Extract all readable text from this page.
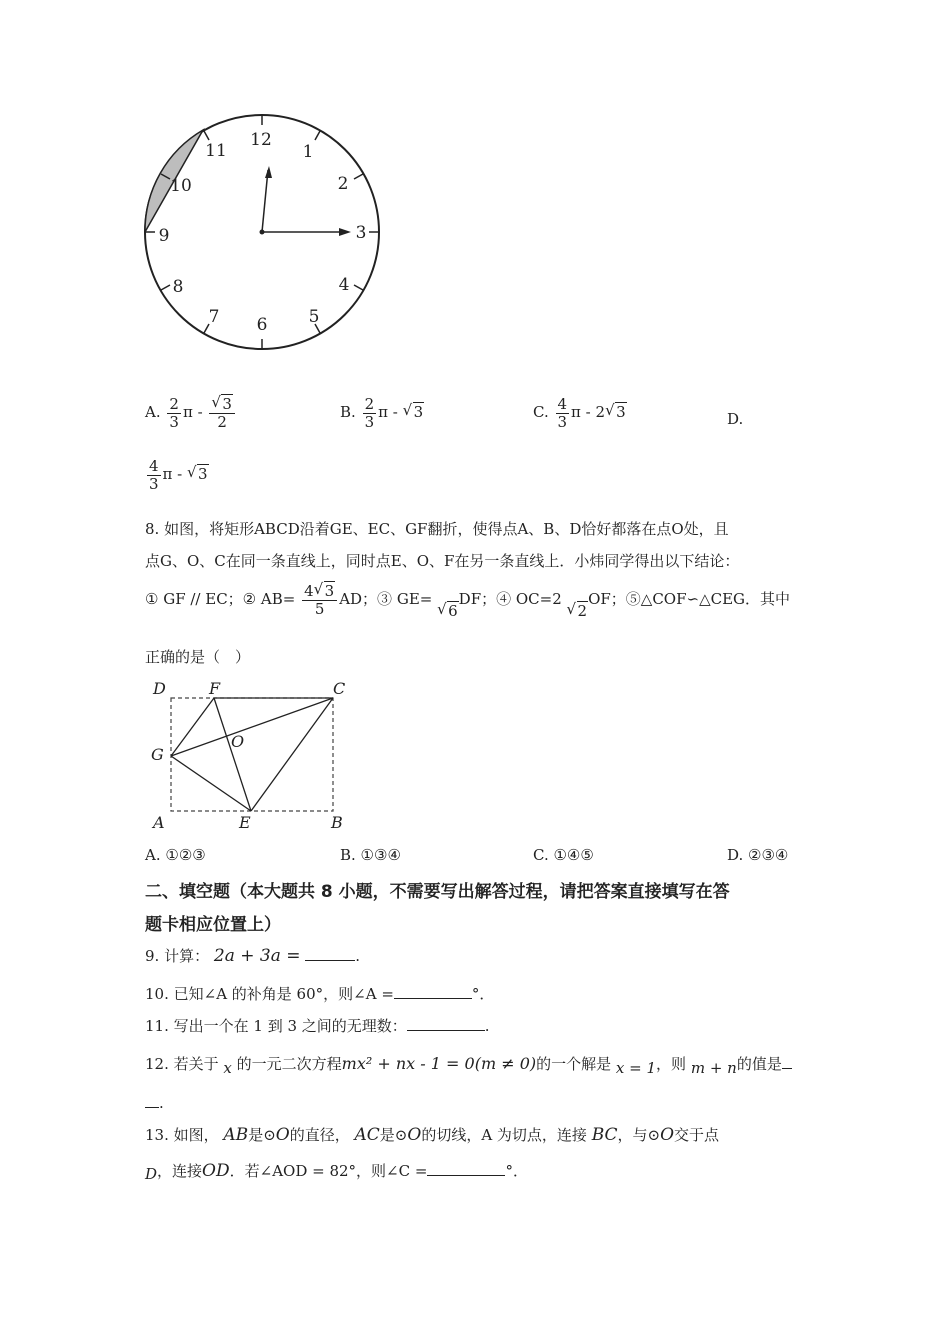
12
1
2
3
4
5
6
7
8
9
10
11
A. $\frac{2}{3}$ π - √ $\frac{3}{2}$	B. $\frac{2}{3}$ π - √ 3	C. $\frac{4}{3}$ π - 2 √ 3	D.
$\frac{4}{3}$ π - √ 3
8. 如图，将矩形ABCD沿着GE、EC、GF翻折，使得点A、B、D恰好都落在点O处，且
点G、O、C在同一条直线上，同时点E、O、F在另一条直线上．小炜同学得出以下结论：
① GF // EC；② $AB= \frac{4 √ 3}{5}$ AD；③ GE= √ 6DF；④ OC=2 √ 2OF；⑤△COF∽△CEG．其中
正确的是（　）
D	F	C
G
O
A	E	B
A. ①②③	B. ①③④	C. ①④⑤	D. ②③④
二、填空题（本大题共 8 小题，不需要写出解答过程，请把答案直接填写在答
题卡相应位置上）
9. 计算： 2a + 3a =	.
10. 已知∠A 的补角是 60°，则∠A =	°．
11. 写出一个在 1 到 3 之间的无理数：	.
12. 若关于 x 的一元二次方程mx² + nx - 1 = 0(m ≠ 0)的一个解是 x = 1，则 m + n的值是
.
13. 如图， AB是⊙O的直径， AC是⊙O的切线，A 为切点，连接 BC，与⊙O交于点
D，连接OD．若∠AOD = 82°，则∠C =	°．
